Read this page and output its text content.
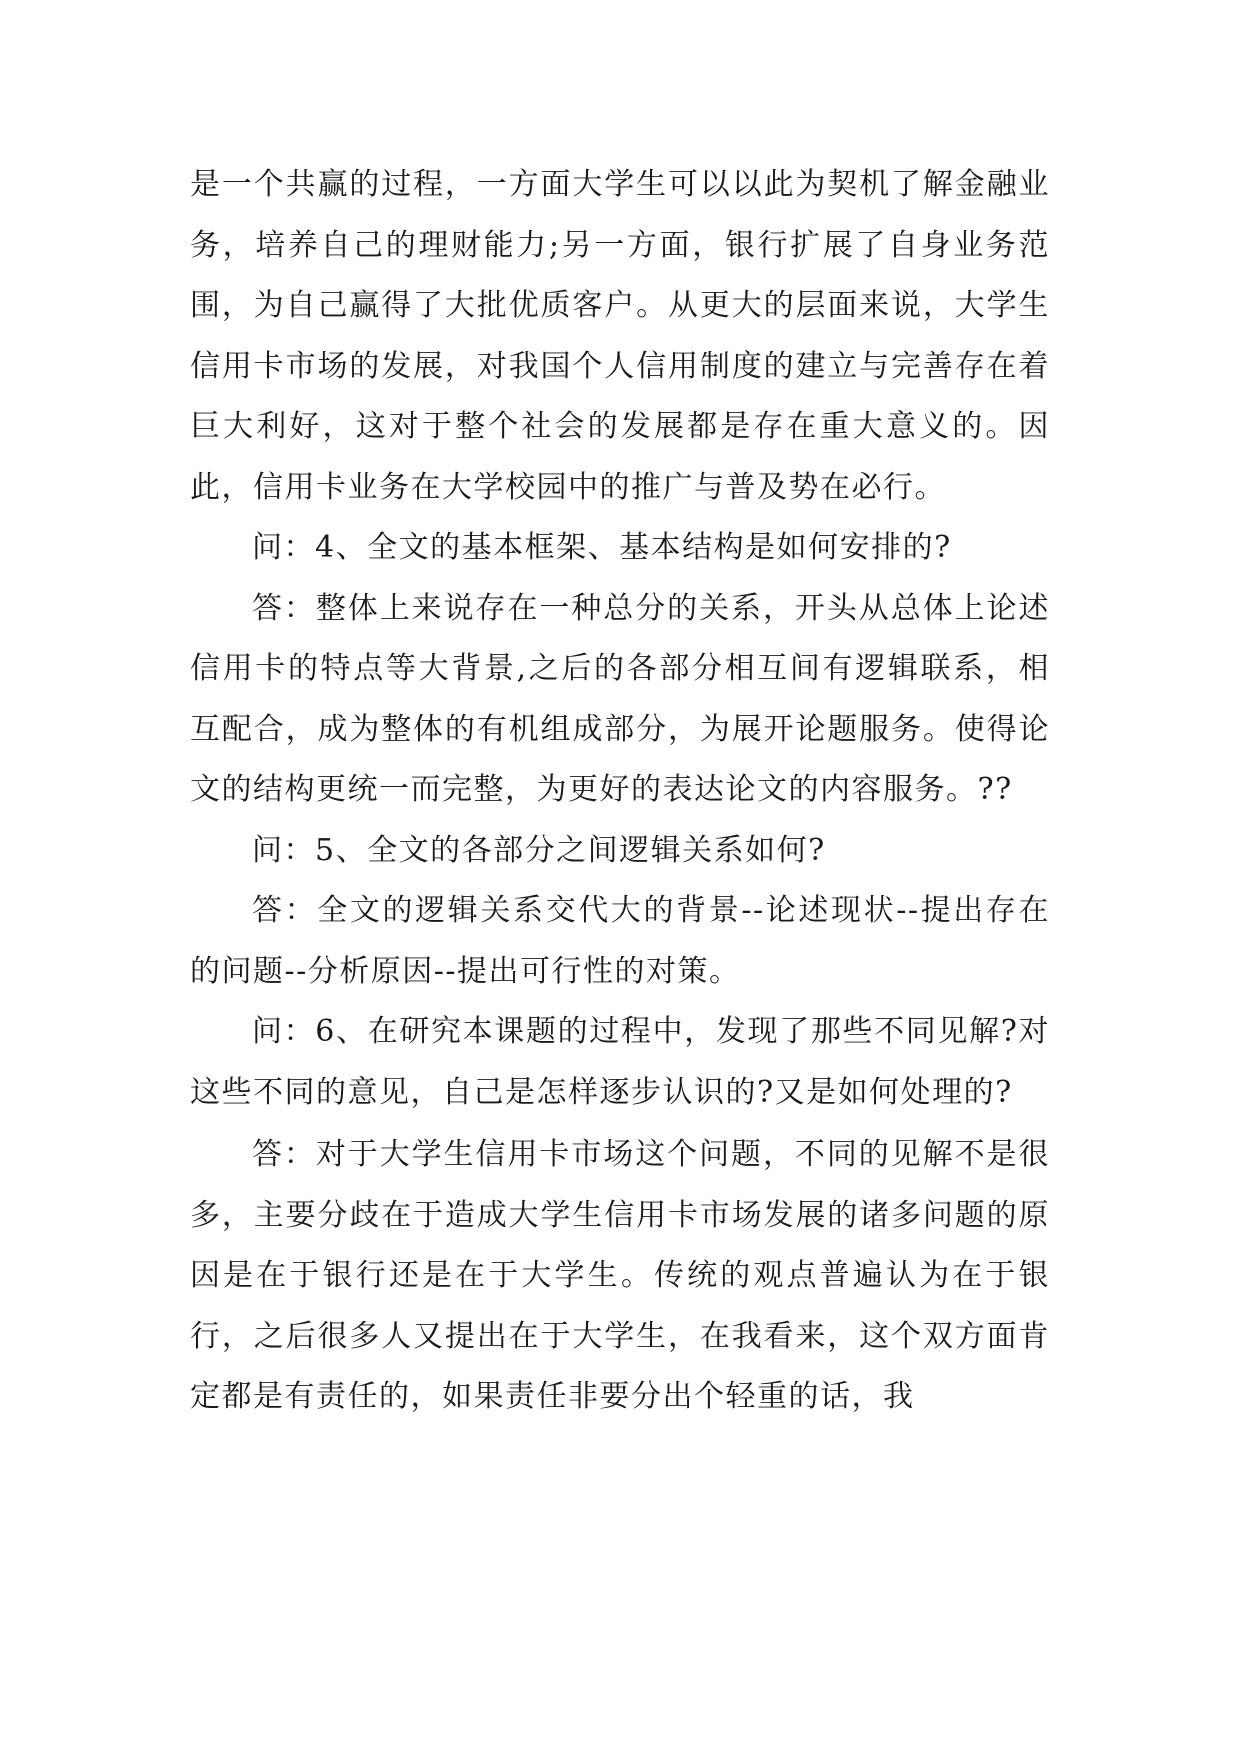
是一个共赢的过程，一方面大学生可以以此为契机了解金融业务，培养自己的理财能力;另一方面，银行扩展了自身业务范围，为自己赢得了大批优质客户。从更大的层面来说，大学生信用卡市场的发展，对我国个人信用制度的建立与完善存在着巨大利好，这对于整个社会的发展都是存在重大意义的。因此，信用卡业务在大学校园中的推广与普及势在必行。

问：4、全文的基本框架、基本结构是如何安排的?

答：整体上来说存在一种总分的关系，开头从总体上论述信用卡的特点等大背景,之后的各部分相互间有逻辑联系，相互配合，成为整体的有机组成部分，为展开论题服务。使得论文的结构更统一而完整，为更好的表达论文的内容服务。??

问：5、全文的各部分之间逻辑关系如何?

答：全文的逻辑关系交代大的背景--论述现状--提出存在的问题--分析原因--提出可行性的对策。

问：6、在研究本课题的过程中，发现了那些不同见解?对这些不同的意见，自己是怎样逐步认识的?又是如何处理的?

答：对于大学生信用卡市场这个问题，不同的见解不是很多，主要分歧在于造成大学生信用卡市场发展的诸多问题的原因是在于银行还是在于大学生。传统的观点普遍认为在于银行，之后很多人又提出在于大学生，在我看来，这个双方面肯定都是有责任的，如果责任非要分出个轻重的话，我
